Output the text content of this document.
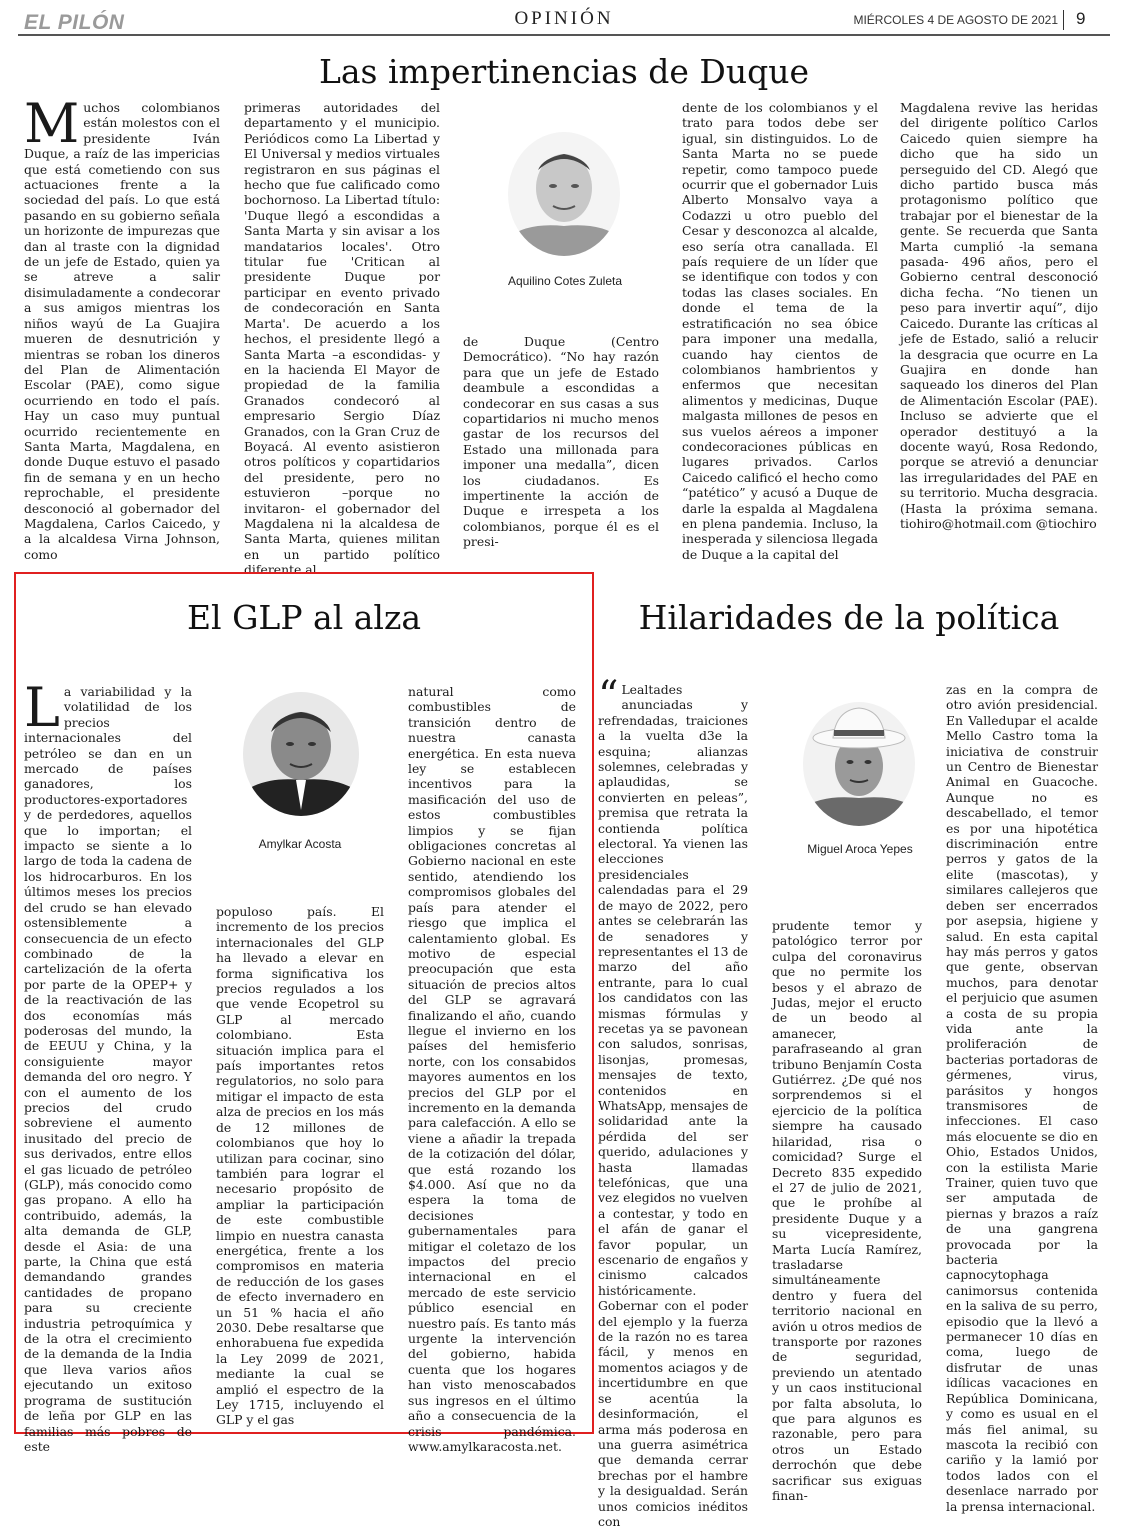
EL PILÓN	OPINIÓN	MIÉRCOLES 4 DE AGOSTO DE 2021 9
Las impertinencias de Duque
Muchos colombianos están molestos con el presidente Iván Duque, a raíz de las impericias que está cometiendo con sus actuaciones frente a la sociedad del país. Lo que está pasando en su gobierno señala un horizonte de impurezas que dan al traste con la dignidad de un jefe de Estado, quien ya se atreve a salir disimuladamente a condecorar a sus amigos mientras los niños wayú de La Guajira mueren de desnutrición y mientras se roban los dineros del Plan de Alimentación Escolar (PAE), como sigue ocurriendo en todo el país. Hay un caso muy puntual ocurrido recientemente en Santa Marta, Magdalena, en donde Duque estuvo el pasado fin de semana y en un hecho reprochable, el presidente desconoció al gobernador del Magdalena, Carlos Caicedo, y a la alcaldesa Virna Johnson, como
primeras autoridades del departamento y el municipio. Periódicos como La Libertad y El Universal y medios virtuales registraron en sus páginas el hecho que fue calificado como bochornoso. La Libertad título: 'Duque llegó a escondidas a Santa Marta y sin avisar a los mandatarios locales'. Otro titular fue 'Critican al presidente Duque por participar en evento privado de condecoración en Santa Marta'. De acuerdo a los hechos, el presidente llegó a Santa Marta –a escondidas- y en la hacienda El Mayor de propiedad de la familia Granados condecoró al empresario Sergio Díaz Granados, con la Gran Cruz de Boyacá. Al evento asistieron otros políticos y copartidarios del presidente, pero no estuvieron –porque no invitaron- el gobernador del Magdalena ni la alcaldesa de Santa Marta, quienes militan en un partido político diferente al
Aquilino Cotes Zuleta
de Duque (Centro Democrático). “No hay razón para que un jefe de Estado deambule a escondidas a condecorar en sus casas a sus copartidarios ni mucho menos gastar de los recursos del Estado una millonada para imponer una medalla”, dicen los ciudadanos. Es impertinente la acción de Duque e irrespeta a los colombianos, porque él es el presi-
dente de los colombianos y el trato para todos debe ser igual, sin distinguidos. Lo de Santa Marta no se puede repetir, como tampoco puede ocurrir que el gobernador Luis Alberto Monsalvo vaya a Codazzi u otro pueblo del Cesar y desconozca al alcalde, eso sería otra canallada. El país requiere de un líder que se identifique con todos y con todas las clases sociales. En donde el tema de la estratificación no sea óbice para imponer una medalla, cuando hay cientos de colombianos hambrientos y enfermos que necesitan alimentos y medicinas, Duque malgasta millones de pesos en sus vuelos aéreos a imponer condecoraciones públicas en lugares privados. Carlos Caicedo calificó el hecho como “patético” y acusó a Duque de darle la espalda al Magdalena en plena pandemia. Incluso, la inesperada y silenciosa llegada de Duque a la capital del
Magdalena revive las heridas del dirigente político Carlos Caicedo quien siempre ha dicho que ha sido un perseguido del CD. Alegó que dicho partido busca más protagonismo político que trabajar por el bienestar de la gente. Se recuerda que Santa Marta cumplió -la semana pasada- 496 años, pero el Gobierno central desconoció dicha fecha. “No tienen un peso para invertir aquí”, dijo Caicedo. Durante las críticas al jefe de Estado, salió a relucir la desgracia que ocurre en La Guajira en donde han saqueado los dineros del Plan de Alimentación Escolar (PAE). Incluso se advierte que el operador destituyó a la docente wayú, Rosa Redondo, porque se atrevió a denunciar las irregularidades del PAE en su territorio. Mucha desgracia. (Hasta la próxima semana. tiohiro@hotmail.com @tiochiro
El GLP al alza
La variabilidad y la volatilidad de los precios internacionales del petróleo se dan en un mercado de países ganadores, los productores-exportadores y de perdedores, aquellos que lo importan; el impacto se siente a lo largo de toda la cadena de los hidrocarburos. En los últimos meses los precios del crudo se han elevado ostensiblemente a consecuencia de un efecto combinado de la cartelización de la oferta por parte de la OPEP+ y de la reactivación de las dos economías más poderosas del mundo, la de EEUU y China, y la consiguiente mayor demanda del oro negro. Y con el aumento de los precios del crudo sobreviene el aumento inusitado del precio de sus derivados, entre ellos el gas licuado de petróleo (GLP), más conocido como gas propano. A ello ha contribuido, además, la alta demanda de GLP, desde el Asia: de una parte, la China que está demandando grandes cantidades de propano para su creciente industria petroquímica y de la otra el crecimiento de la demanda de la India que lleva varios años ejecutando un exitoso programa de sustitución de leña por GLP en las familias más pobres de este
Amylkar Acosta
populoso país. El incremento de los precios internacionales del GLP ha llevado a elevar en forma significativa los precios regulados a los que vende Ecopetrol su GLP al mercado colombiano. Esta situación implica para el país importantes retos regulatorios, no solo para mitigar el impacto de esta alza de precios en los más de 12 millones de colombianos que hoy lo utilizan para cocinar, sino también para lograr el necesario propósito de ampliar la participación de este combustible limpio en nuestra canasta energética, frente a los compromisos en materia de reducción de los gases de efecto invernadero en un 51 % hacia el año 2030. Debe resaltarse que enhorabuena fue expedida la Ley 2099 de 2021, mediante la cual se amplió el espectro de la Ley 1715, incluyendo el GLP y el gas
natural como combustibles de transición dentro de nuestra canasta energética. En esta nueva ley se establecen incentivos para la masificación del uso de estos combustibles limpios y se fijan obligaciones concretas al Gobierno nacional en este sentido, atendiendo los compromisos globales del país para atender el riesgo que implica el calentamiento global. Es motivo de especial preocupación que esta situación de precios altos del GLP se agravará finalizando el año, cuando llegue el invierno en los países del hemisferio norte, con los consabidos mayores aumentos en los precios del GLP por el incremento en la demanda para calefacción. A ello se viene a añadir la trepada de la cotización del dólar, que está rozando los $4.000. Así que no da espera la toma de decisiones gubernamentales para mitigar el coletazo de los impactos del precio internacional en el mercado de este servicio público esencial en nuestro país. Es tanto más urgente la intervención del gobierno, habida cuenta que los hogares han visto menoscabados sus ingresos en el último año a consecuencia de la crisis pandémica. www.amylkaracosta.net.
Hilaridades de la política
“ Lealtades anunciadas y refrendadas, traiciones a la vuelta d3e la esquina; alianzas solemnes, celebradas y aplaudidas, se convierten en peleas”, premisa que retrata la contienda política electoral. Ya vienen las elecciones presidenciales calendadas para el 29 de mayo de 2022, pero antes se celebrarán las de senadores y representantes el 13 de marzo del año entrante, para lo cual los candidatos con las mismas fórmulas y recetas ya se pavonean con saludos, sonrisas, lisonjas, promesas, mensajes de texto, contenidos en WhatsApp, mensajes de solidaridad ante la pérdida del ser querido, adulaciones y hasta llamadas telefónicas, que una vez elegidos no vuelven a contestar, y todo en el afán de ganar el favor popular, un escenario de engaños y cinismo calcados históricamente. Gobernar con el poder del ejemplo y la fuerza de la razón no es tarea fácil, y menos en momentos aciagos y de incertidumbre en que se acentúa la desinformación, el arma más poderosa en una guerra asimétrica que demanda cerrar brechas por el hambre y la desigualdad. Serán unos comicios inéditos con
Miguel Aroca Yepes
prudente temor y patológico terror por culpa del coronavirus que no permite los besos y el abrazo de Judas, mejor el eructo de un beodo al amanecer, parafraseando al gran tribuno Benjamín Costa Gutiérrez. ¿De qué nos sorprendemos si el ejercicio de la política siempre ha causado hilaridad, risa o comicidad? Surge el Decreto 835 expedido el 27 de julio de 2021, que le prohíbe al presidente Duque y a su vicepresidente, Marta Lucía Ramírez, trasladarse simultáneamente dentro y fuera del territorio nacional en avión u otros medios de transporte por razones de seguridad, previendo un atentado y un caos institucional por falta absoluta, lo que para algunos es razonable, pero para otros un Estado derrochón que debe sacrificar sus exiguas finan-
zas en la compra de otro avión presidencial. En Valledupar el acalde Mello Castro toma la iniciativa de construir un Centro de Bienestar Animal en Guacoche. Aunque no es descabellado, el temor es por una hipotética discriminación entre perros y gatos de la elite (mascotas), y similares callejeros que deben ser encerrados por asepsia, higiene y salud. En esta capital hay más perros y gatos que gente, observan muchos, para denotar el perjuicio que asumen a costa de su propia vida ante la proliferación de bacterias portadoras de gérmenes, virus, parásitos y hongos transmisores de infecciones. El caso más elocuente se dio en Ohio, Estados Unidos, con la estilista Marie Trainer, quien tuvo que ser amputada de piernas y brazos a raíz de una gangrena provocada por la bacteria capnocytophaga canimorsus contenida en la saliva de su perro, episodio que la llevó a permanecer 10 días en coma, luego de disfrutar de unas idílicas vacaciones en República Dominicana, y como es usual en el más fiel animal, su mascota la recibió con cariño y la lamió por todos lados con el desenlace narrado por la prensa internacional.
